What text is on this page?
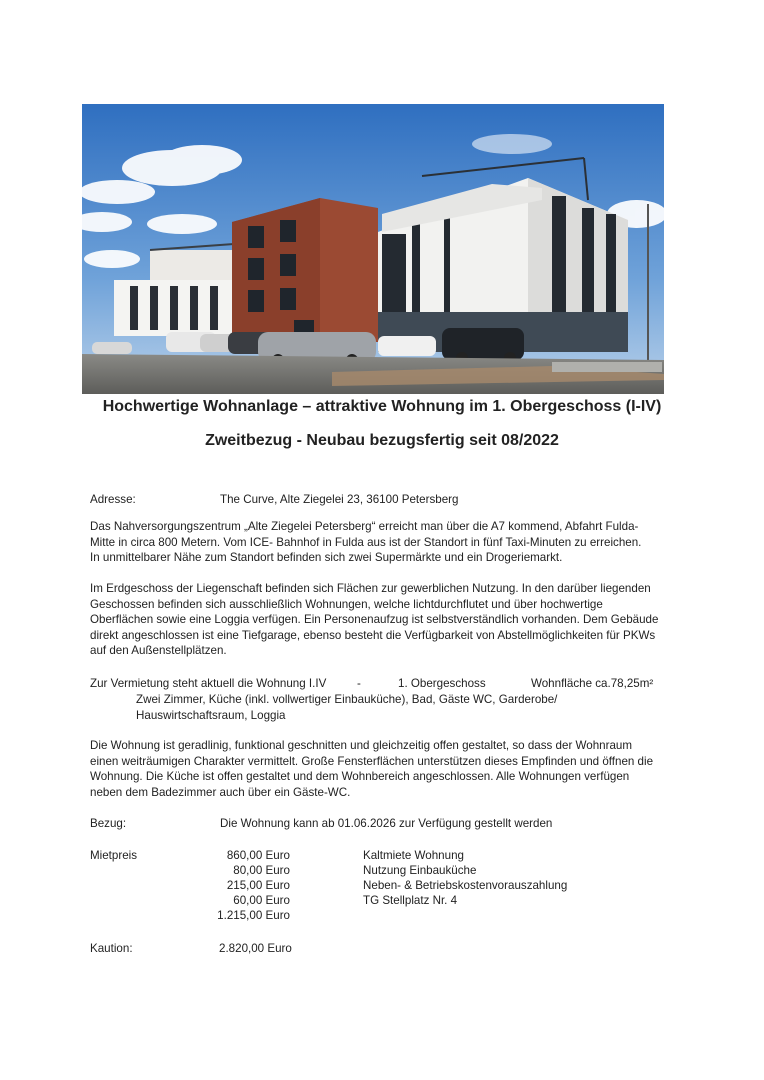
Hochwertige Wohnanlage – attraktive Wohnung im 1. Obergeschoss (I-IV)
Zweitbezug - Neubau bezugsfertig seit 08/2022
Adresse:	The Curve, Alte Ziegelei 23, 36100 Petersberg
Das Nahversorgungszentrum „Alte Ziegelei Petersberg“ erreicht man über die A7 kommend, Abfahrt Fulda-
Mitte in circa 800 Metern. Vom ICE- Bahnhof in Fulda aus ist der Standort in fünf Taxi-Minuten zu erreichen.
In unmittelbarer Nähe zum Standort befinden sich zwei Supermärkte und ein Drogeriemarkt.
Im Erdgeschoss der Liegenschaft befinden sich Flächen zur gewerblichen Nutzung. In den darüber liegenden
Geschossen befinden sich ausschließlich Wohnungen, welche lichtdurchflutet und über hochwertige
Oberflächen sowie eine Loggia verfügen. Ein Personenaufzug ist selbstverständlich vorhanden. Dem Gebäude
direkt angeschlossen ist eine Tiefgarage, ebenso besteht die Verfügbarkeit von Abstellmöglichkeiten für PKWs
auf den Außenstellplätzen.
Zur Vermietung steht aktuell die Wohnung I.IV	-	1. Obergeschoss	Wohnfläche ca.78,25m²
Zwei Zimmer, Küche (inkl. vollwertiger Einbauküche), Bad, Gäste WC, Garderobe/
Hauswirtschaftsraum, Loggia
Die Wohnung ist geradlinig, funktional geschnitten und gleichzeitig offen gestaltet, so dass der Wohnraum
einen weiträumigen Charakter vermittelt. Große Fensterflächen unterstützen dieses Empfinden und öffnen die
Wohnung. Die Küche ist offen gestaltet und dem Wohnbereich angeschlossen. Alle Wohnungen verfügen
neben dem Badezimmer auch über ein Gäste-WC.
Bezug:	Die Wohnung kann ab 01.06.2026 zur Verfügung gestellt werden
Mietpreis	860,00 Euro	Kaltmiete Wohnung
80,00 Euro	Nutzung Einbauküche
215,00 Euro	Neben- & Betriebskostenvorauszahlung
60,00 Euro	TG Stellplatz Nr. 4
1.215,00 Euro
Kaution:	2.820,00 Euro
